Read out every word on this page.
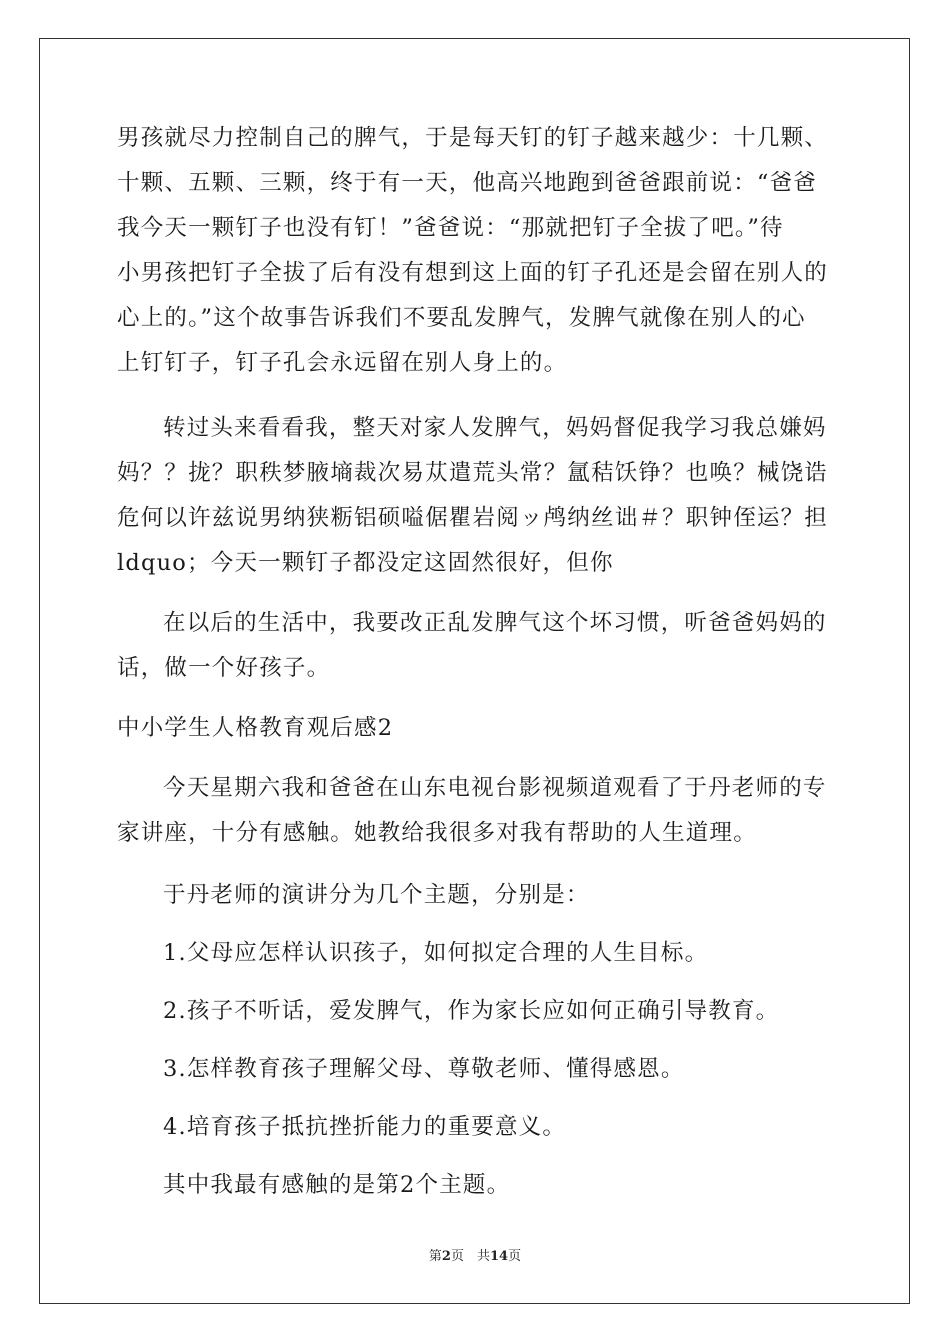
男孩就尽力控制自己的脾气，于是每天钉的钉子越来越少：十几颗、
十颗、五颗、三颗，终于有一天，他高兴地跑到爸爸跟前说：“爸爸
我今天一颗钉子也没有钉！”爸爸说：“那就把钉子全拔了吧。”待
小男孩把钉子全拔了后有没有想到这上面的钉子孔还是会留在别人的
心上的。”这个故事告诉我们不要乱发脾气，发脾气就像在别人的心
上钉钉子，钉子孔会永远留在别人身上的。
转过头来看看我，整天对家人发脾气，妈妈督促我学习我总嫌妈
妈？？拢？职秩梦腋墒裁次易苁遣荒头常？氲秸饫铮？也唤？械饶诰
危何以许兹说男纳狭粝铝硕嗌倨瞿岩阅ッ鸬纳丝诎＃？职钟侄运？担
ldquo；今天一颗钉子都没定这固然很好，但你
在以后的生活中，我要改正乱发脾气这个坏习惯，听爸爸妈妈的
话，做一个好孩子。
中小学生人格教育观后感2
今天星期六我和爸爸在山东电视台影视频道观看了于丹老师的专
家讲座，十分有感触。她教给我很多对我有帮助的人生道理。
于丹老师的演讲分为几个主题，分别是：
1.父母应怎样认识孩子，如何拟定合理的人生目标。
2.孩子不听话，爱发脾气，作为家长应如何正确引导教育。
3.怎样教育孩子理解父母、尊敬老师、懂得感恩。
4.培育孩子抵抗挫折能力的重要意义。
其中我最有感触的是第2个主题。
第2页　共14页
